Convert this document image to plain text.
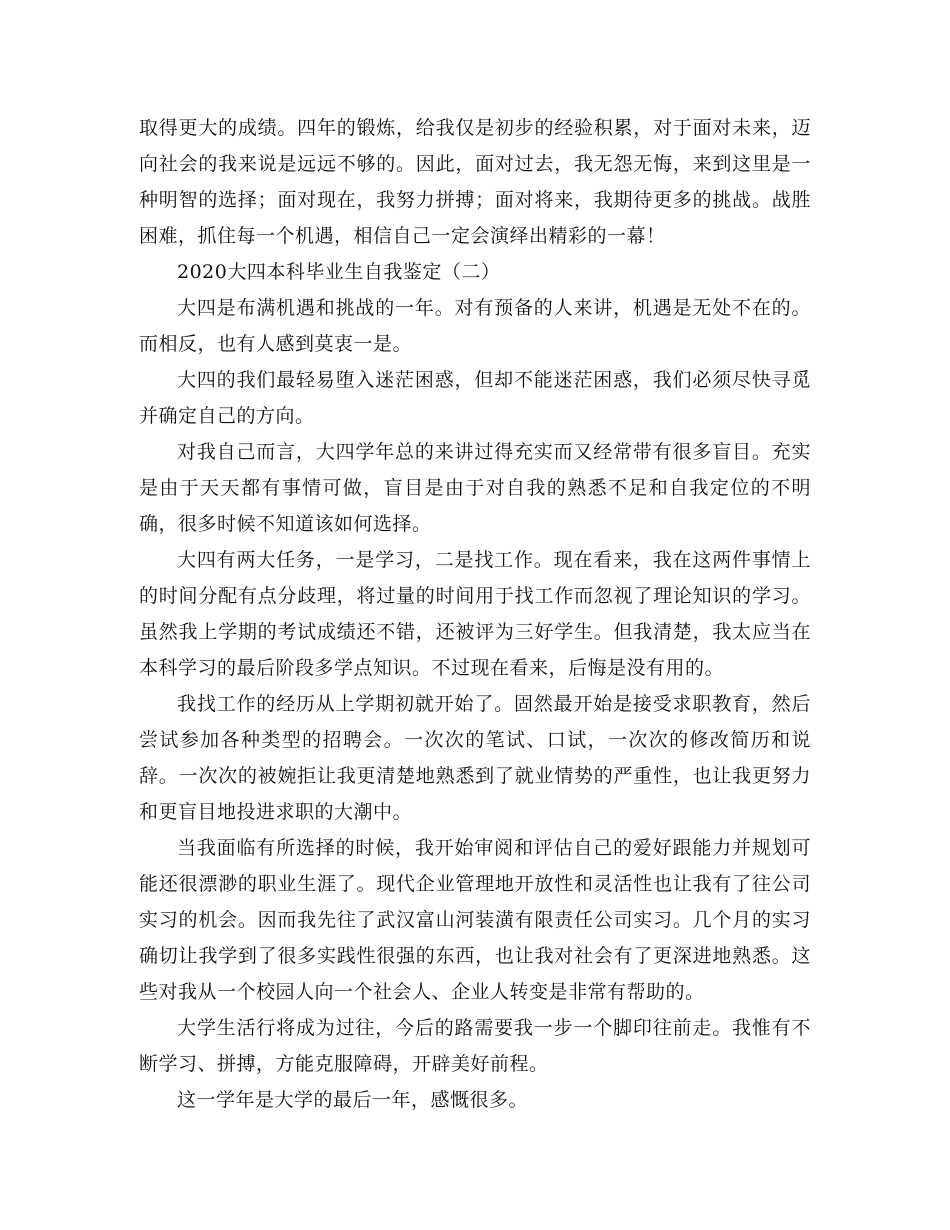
取得更大的成绩。四年的锻炼，给我仅是初步的经验积累，对于面对未来，迈向社会的我来说是远远不够的。因此，面对过去，我无怨无悔，来到这里是一种明智的选择；面对现在，我努力拼搏；面对将来，我期待更多的挑战。战胜困难，抓住每一个机遇，相信自己一定会演绎出精彩的一幕！

2020大四本科毕业生自我鉴定（二）

大四是布满机遇和挑战的一年。对有预备的人来讲，机遇是无处不在的。而相反，也有人感到莫衷一是。

大四的我们最轻易堕入迷茫困惑，但却不能迷茫困惑，我们必须尽快寻觅并确定自己的方向。

对我自己而言，大四学年总的来讲过得充实而又经常带有很多盲目。充实是由于天天都有事情可做，盲目是由于对自我的熟悉不足和自我定位的不明确，很多时候不知道该如何选择。

大四有两大任务，一是学习，二是找工作。现在看来，我在这两件事情上的时间分配有点分歧理，将过量的时间用于找工作而忽视了理论知识的学习。虽然我上学期的考试成绩还不错，还被评为三好学生。但我清楚，我太应当在本科学习的最后阶段多学点知识。不过现在看来，后悔是没有用的。

我找工作的经历从上学期初就开始了。固然最开始是接受求职教育，然后尝试参加各种类型的招聘会。一次次的笔试、口试，一次次的修改简历和说辞。一次次的被婉拒让我更清楚地熟悉到了就业情势的严重性，也让我更努力和更盲目地投进求职的大潮中。

当我面临有所选择的时候，我开始审阅和评估自己的爱好跟能力并规划可能还很漂渺的职业生涯了。现代企业管理地开放性和灵活性也让我有了往公司实习的机会。因而我先往了武汉富山河装潢有限责任公司实习。几个月的实习确切让我学到了很多实践性很强的东西，也让我对社会有了更深进地熟悉。这些对我从一个校园人向一个社会人、企业人转变是非常有帮助的。

大学生活行将成为过往，今后的路需要我一步一个脚印往前走。我惟有不断学习、拼搏，方能克服障碍，开辟美好前程。

这一学年是大学的最后一年，感慨很多。
